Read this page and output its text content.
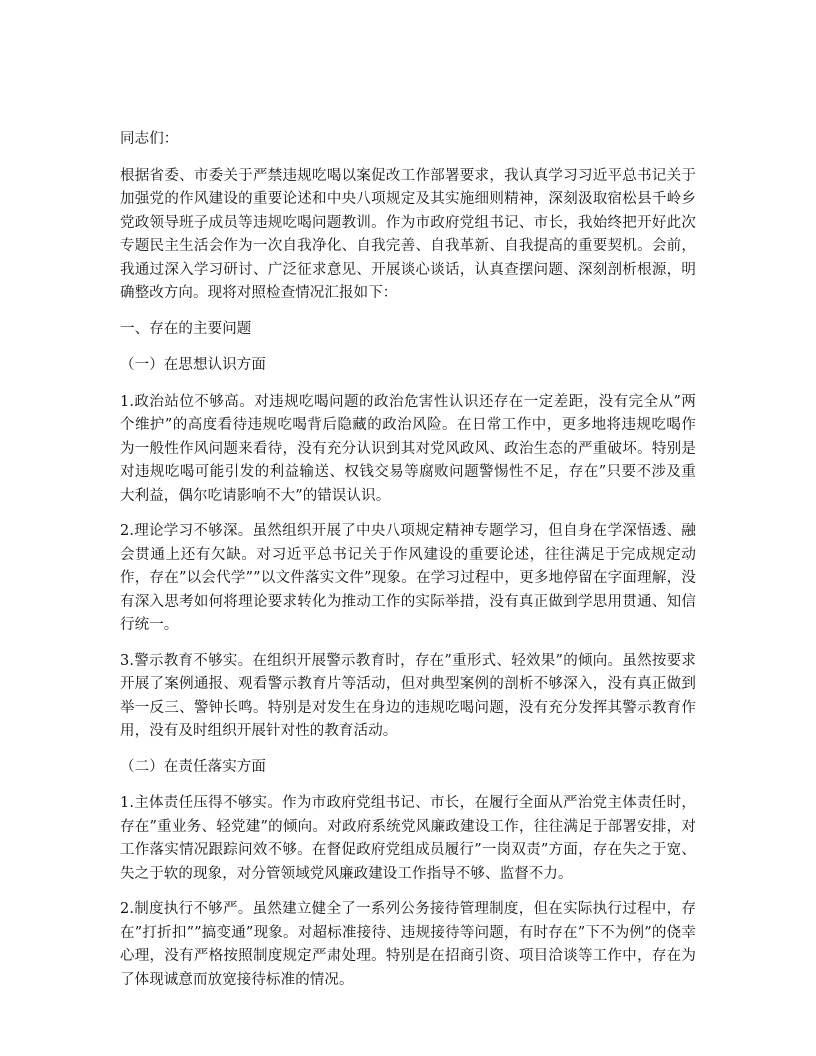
同志们：

根据省委、市委关于严禁违规吃喝以案促改工作部署要求，我认真学习习近平总书记关于加强党的作风建设的重要论述和中央八项规定及其实施细则精神，深刻汲取宿松县千岭乡党政领导班子成员等违规吃喝问题教训。作为市政府党组书记、市长，我始终把开好此次专题民主生活会作为一次自我净化、自我完善、自我革新、自我提高的重要契机。会前，我通过深入学习研讨、广泛征求意见、开展谈心谈话，认真查摆问题、深刻剖析根源，明确整改方向。现将对照检查情况汇报如下：

一、存在的主要问题

（一）在思想认识方面

1.政治站位不够高。对违规吃喝问题的政治危害性认识还存在一定差距，没有完全从”两个维护”的高度看待违规吃喝背后隐藏的政治风险。在日常工作中，更多地将违规吃喝作为一般性作风问题来看待，没有充分认识到其对党风政风、政治生态的严重破坏。特别是对违规吃喝可能引发的利益输送、权钱交易等腐败问题警惕性不足，存在”只要不涉及重大利益，偶尔吃请影响不大”的错误认识。

2.理论学习不够深。虽然组织开展了中央八项规定精神专题学习，但自身在学深悟透、融会贯通上还有欠缺。对习近平总书记关于作风建设的重要论述，往往满足于完成规定动作，存在”以会代学””以文件落实文件”现象。在学习过程中，更多地停留在字面理解，没有深入思考如何将理论要求转化为推动工作的实际举措，没有真正做到学思用贯通、知信行统一。

3.警示教育不够实。在组织开展警示教育时，存在”重形式、轻效果”的倾向。虽然按要求开展了案例通报、观看警示教育片等活动，但对典型案例的剖析不够深入，没有真正做到举一反三、警钟长鸣。特别是对发生在身边的违规吃喝问题，没有充分发挥其警示教育作用，没有及时组织开展针对性的教育活动。

（二）在责任落实方面

1.主体责任压得不够实。作为市政府党组书记、市长，在履行全面从严治党主体责任时，存在”重业务、轻党建”的倾向。对政府系统党风廉政建设工作，往往满足于部署安排，对工作落实情况跟踪问效不够。在督促政府党组成员履行”一岗双责”方面，存在失之于宽、失之于软的现象，对分管领域党风廉政建设工作指导不够、监督不力。

2.制度执行不够严。虽然建立健全了一系列公务接待管理制度，但在实际执行过程中，存在”打折扣””搞变通”现象。对超标准接待、违规接待等问题，有时存在”下不为例”的侥幸心理，没有严格按照制度规定严肃处理。特别是在招商引资、项目洽谈等工作中，存在为了体现诚意而放宽接待标准的情况。
